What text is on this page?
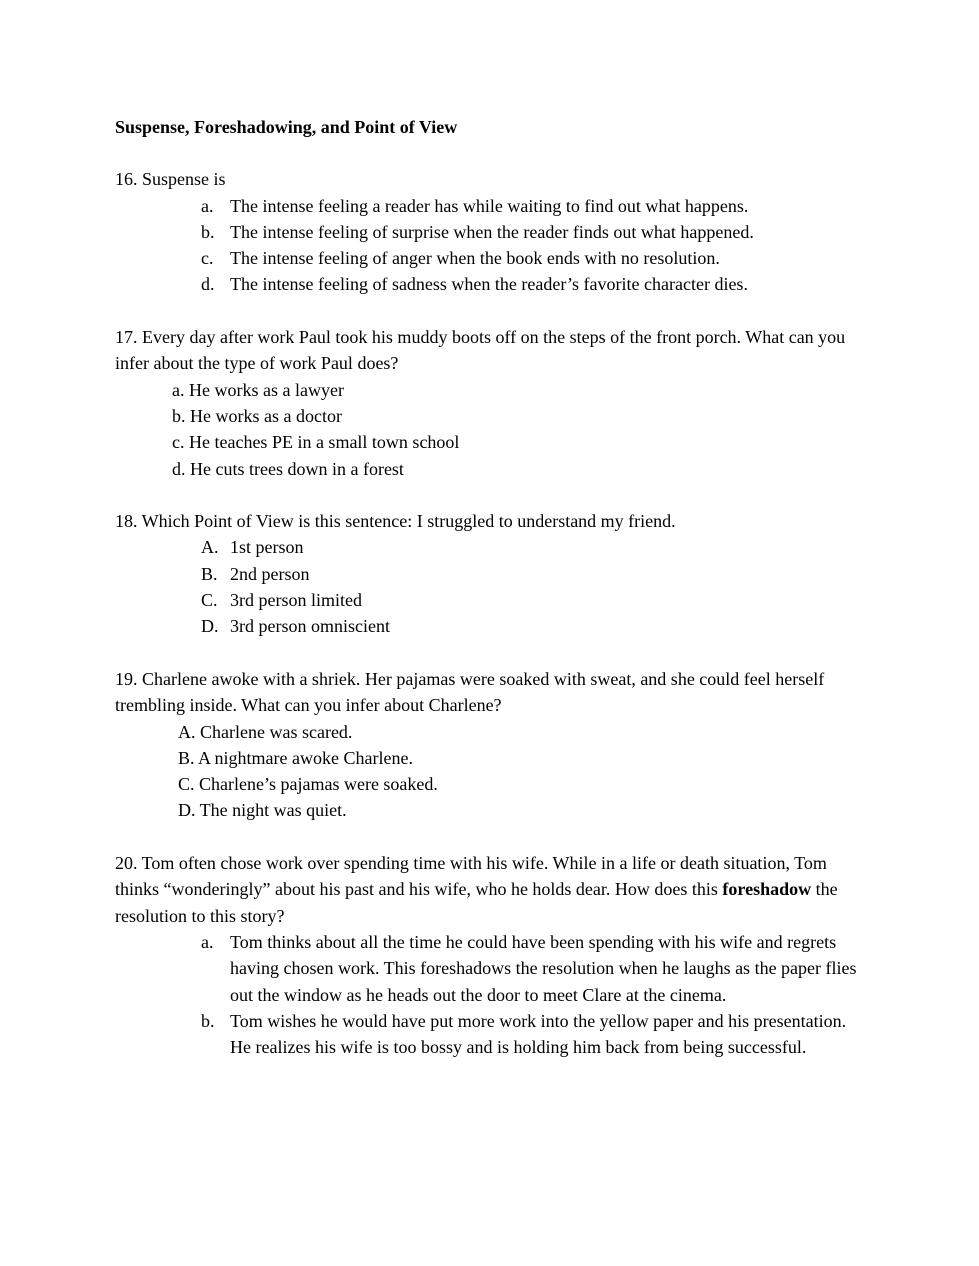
Suspense, Foreshadowing, and Point of View

16. Suspense is

a. The intense feeling a reader has while waiting to find out what happens.
b. The intense feeling of surprise when the reader finds out what happened.
c. The intense feeling of anger when the book ends with no resolution.
d. The intense feeling of sadness when the reader’s favorite character dies.

17. Every day after work Paul took his muddy boots off on the steps of the front porch. What can you infer about the type of work Paul does?

a. He works as a lawyer
b. He works as a doctor
c. He teaches PE in a small town school
d. He cuts trees down in a forest

18. Which Point of View is this sentence: I struggled to understand my friend.

A. 1st person
B. 2nd person
C. 3rd person limited
D. 3rd person omniscient

19. Charlene awoke with a shriek. Her pajamas were soaked with sweat, and she could feel herself trembling inside. What can you infer about Charlene?

A. Charlene was scared.
B. A nightmare awoke Charlene.
C. Charlene’s pajamas were soaked.
D. The night was quiet.

20. Tom often chose work over spending time with his wife. While in a life or death situation, Tom thinks “wonderingly” about his past and his wife, who he holds dear. How does this foreshadow the resolution to this story?

a. Tom thinks about all the time he could have been spending with his wife and regrets having chosen work. This foreshadows the resolution when he laughs as the paper flies out the window as he heads out the door to meet Clare at the cinema.
b. Tom wishes he would have put more work into the yellow paper and his presentation. He realizes his wife is too bossy and is holding him back from being successful.
